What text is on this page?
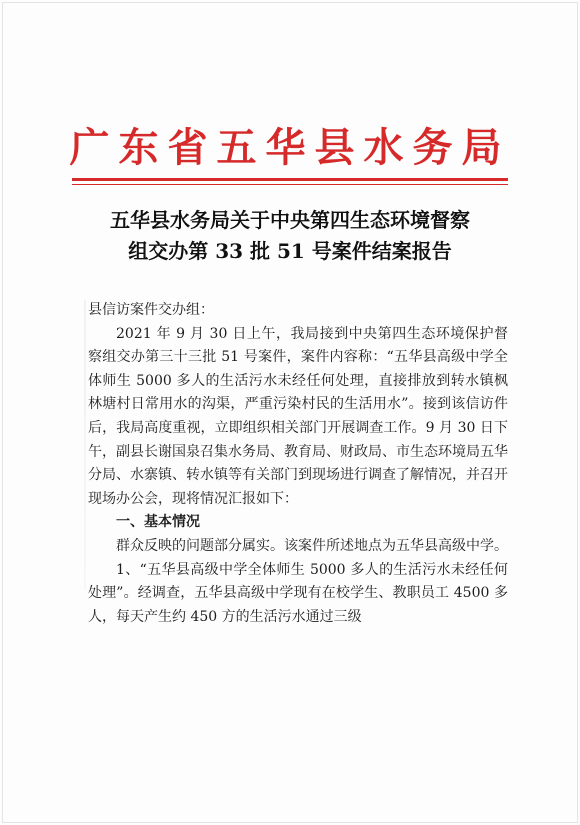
广东省五华县水务局
五华县水务局关于中央第四生态环境督察
组交办第 33 批 51 号案件结案报告

县信访案件交办组：

2021 年 9 月 30 日上午，我局接到中央第四生态环境保护督察组交办第三十三批 51 号案件，案件内容称：“五华县高级中学全体师生 5000 多人的生活污水未经任何处理，直接排放到转水镇枫林塘村日常用水的沟渠，严重污染村民的生活用水”。接到该信访件后，我局高度重视，立即组织相关部门开展调查工作。9 月 30 日下午，副县长谢国泉召集水务局、教育局、财政局、市生态环境局五华分局、水寨镇、转水镇等有关部门到现场进行调查了解情况，并召开现场办公会，现将情况汇报如下：

一、基本情况

群众反映的问题部分属实。该案件所述地点为五华县高级中学。

1、“五华县高级中学全体师生 5000 多人的生活污水未经任何处理”。经调查，五华县高级中学现有在校学生、教职员工 4500 多人，每天产生约 450 方的生活污水通过三级
